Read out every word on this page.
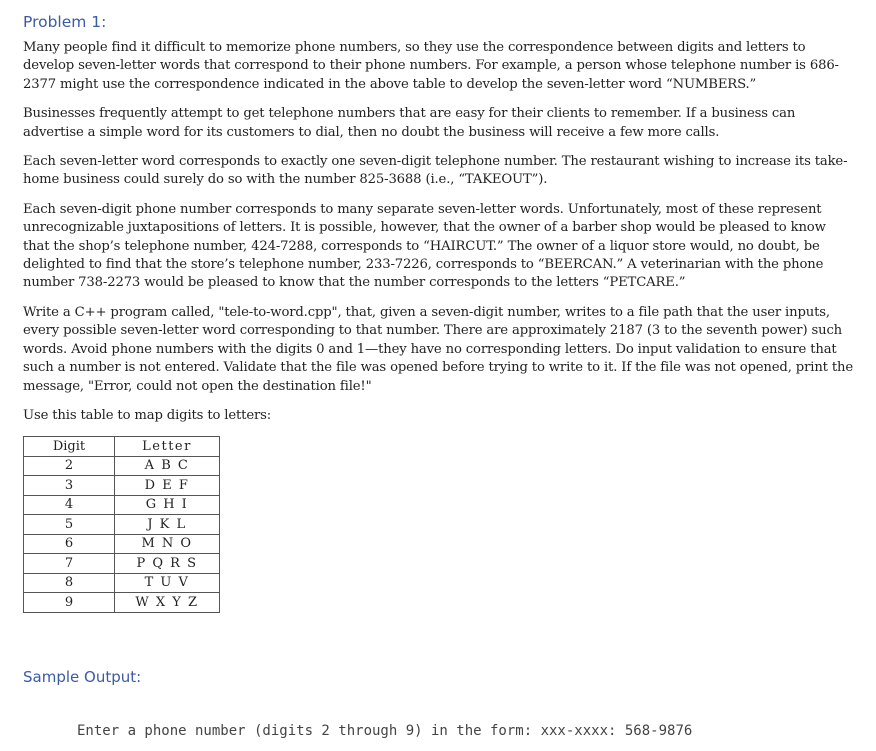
Problem 1:

Many people find it difficult to memorize phone numbers, so they use the correspondence between digits and letters to develop seven-letter words that correspond to their phone numbers. For example, a person whose telephone number is 686-2377 might use the correspondence indicated in the above table to develop the seven-letter word “NUMBERS.”

Businesses frequently attempt to get telephone numbers that are easy for their clients to remember. If a business can advertise a simple word for its customers to dial, then no doubt the business will receive a few more calls.

Each seven-letter word corresponds to exactly one seven-digit telephone number. The restaurant wishing to increase its take-home business could surely do so with the number 825-3688 (i.e., “TAKEOUT”).

Each seven-digit phone number corresponds to many separate seven-letter words. Unfortunately, most of these represent unrecognizable juxtapositions of letters. It is possible, however, that the owner of a barber shop would be pleased to know that the shop’s telephone number, 424-7288, corresponds to “HAIRCUT.” The owner of a liquor store would, no doubt, be delighted to find that the store’s telephone number, 233-7226, corresponds to “BEERCAN.” A veterinarian with the phone number 738-2273 would be pleased to know that the number corresponds to the letters “PETCARE.”

Write a C++ program called, "tele-to-word.cpp", that, given a seven-digit number, writes to a file path that the user inputs, every possible seven-letter word corresponding to that number. There are approximately 2187 (3 to the seventh power) such words. Avoid phone numbers with the digits 0 and 1—they have no corresponding letters. Do input validation to ensure that such a number is not entered. Validate that the file was opened before trying to write to it. If the file was not opened, print the message, "Error, could not open the destination file!"

Use this table to map digits to letters:

Digit	Letter
2	A B C
3	D E F
4	G H I
5	J K L
6	M N O
7	P Q R S
8	T U V
9	W X Y Z
Sample Output:
Enter a phone number (digits 2 through 9) in the form: xxx-xxxx: 568-9876
